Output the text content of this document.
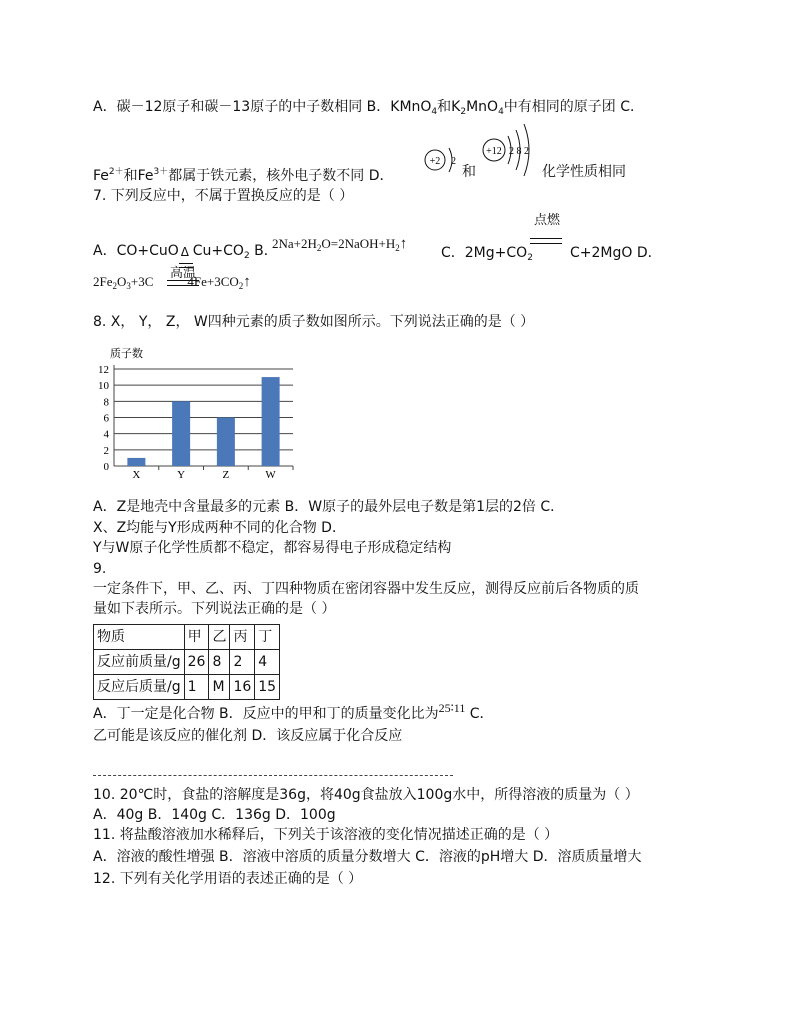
A．碳－12原子和碳－13原子的中子数相同 B．KMnO$_4$和$K_2MnO_4$中有相同的原子团 C．
$Fe^{2+}$和$Fe^{3+}$都属于铁元素，核外电子数不同 D．
+2 2
和
+12 2 8 2
化学性质相同
7. 下列反应中，不属于置换反应的是（ ）
点燃
A．CO+CuO Δ $Cu+CO_2$ B．
$2Na+2H_2O=2NaOH+H_2↑$
C．$2Mg+CO_2$	C+2MgO D．
高温
$2Fe_2O_3+3C$	$4Fe+3CO_2↑$
8. X， Y， Z， W四种元素的质子数如图所示。下列说法正确的是（ ）
质子数
0
2
4
6
8
10
12
X	Y	Z	W
A．Z是地壳中含量最多的元素 B．W原子的最外层电子数是第1层的2倍 C．
X、Z均能与Y形成两种不同的化合物 D．
Y与W原子化学性质都不稳定，都容易得电子形成稳定结构
9.
一定条件下，甲、乙、丙、丁四种物质在密闭容器中发生反应，测得反应前后各物质的质
量如下表所示。下列说法正确的是（ ）
物质	甲	乙	丙	丁
反应前质量/g	26	8	2	4
反应后质量/g	1	M	16	15
A．丁一定是化合物 B．反应中的甲和丁的质量变化比为25∶11 C．
乙可能是该反应的催化剂 D．该反应属于化合反应
10. 20℃时，食盐的溶解度是36g，将40g食盐放入100g水中，所得溶液的质量为（ ）
A．40g B．140g C．136g D．100g
11. 将盐酸溶液加水稀释后，下列关于该溶液的变化情况描述正确的是（ ）
A．溶液的酸性增强 B．溶液中溶质的质量分数增大 C．溶液的pH增大 D．溶质质量增大
12. 下列有关化学用语的表述正确的是（ ）
